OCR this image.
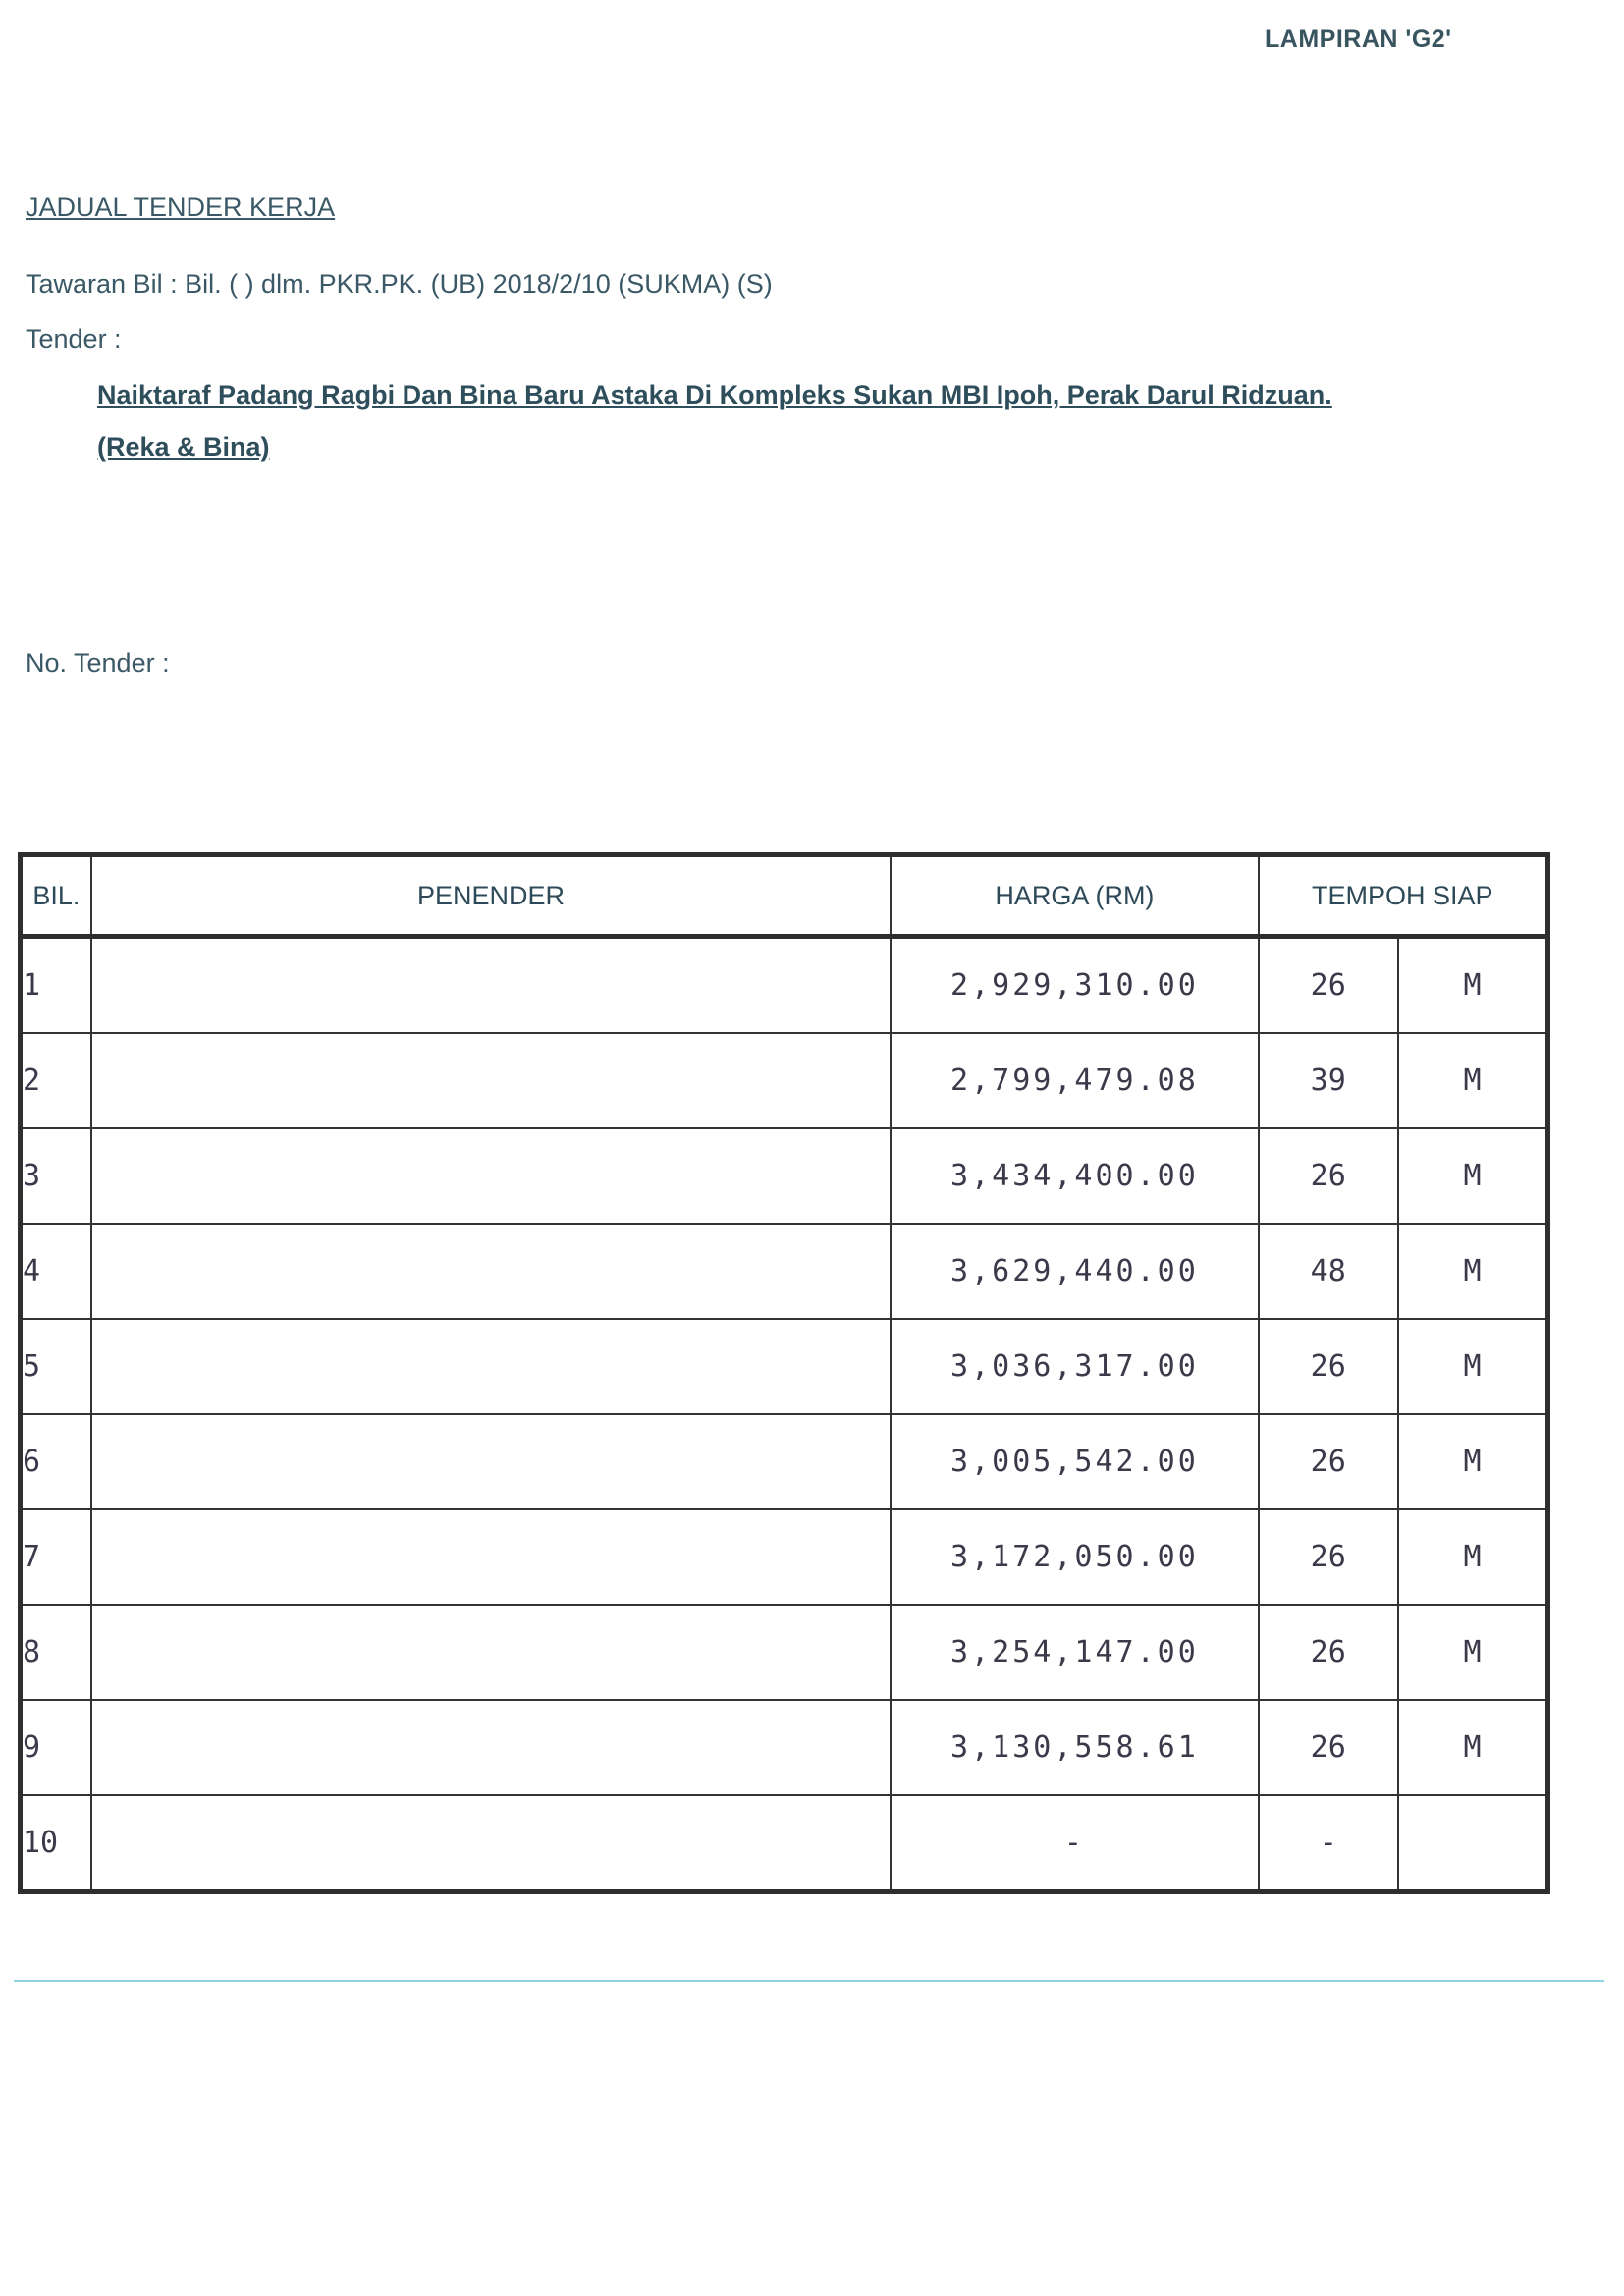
LAMPIRAN 'G2'
JADUAL TENDER KERJA
Tawaran Bil : Bil. ( ) dlm. PKR.PK. (UB) 2018/2/10 (SUKMA) (S)
Tender :
Naiktaraf Padang Ragbi Dan Bina Baru Astaka Di Kompleks Sukan MBI Ipoh, Perak Darul Ridzuan.
(Reka & Bina)
No. Tender :
BIL.	PENENDER	HARGA (RM)	TEMPOH SIAP	
1		2,929,310.00	26	M
2		2,799,479.08	39	M
3		3,434,400.00	26	M
4		3,629,440.00	48	M
5		3,036,317.00	26	M
6		3,005,542.00	26	M
7		3,172,050.00	26	M
8		3,254,147.00	26	M
9		3,130,558.61	26	M
10		-	-	
